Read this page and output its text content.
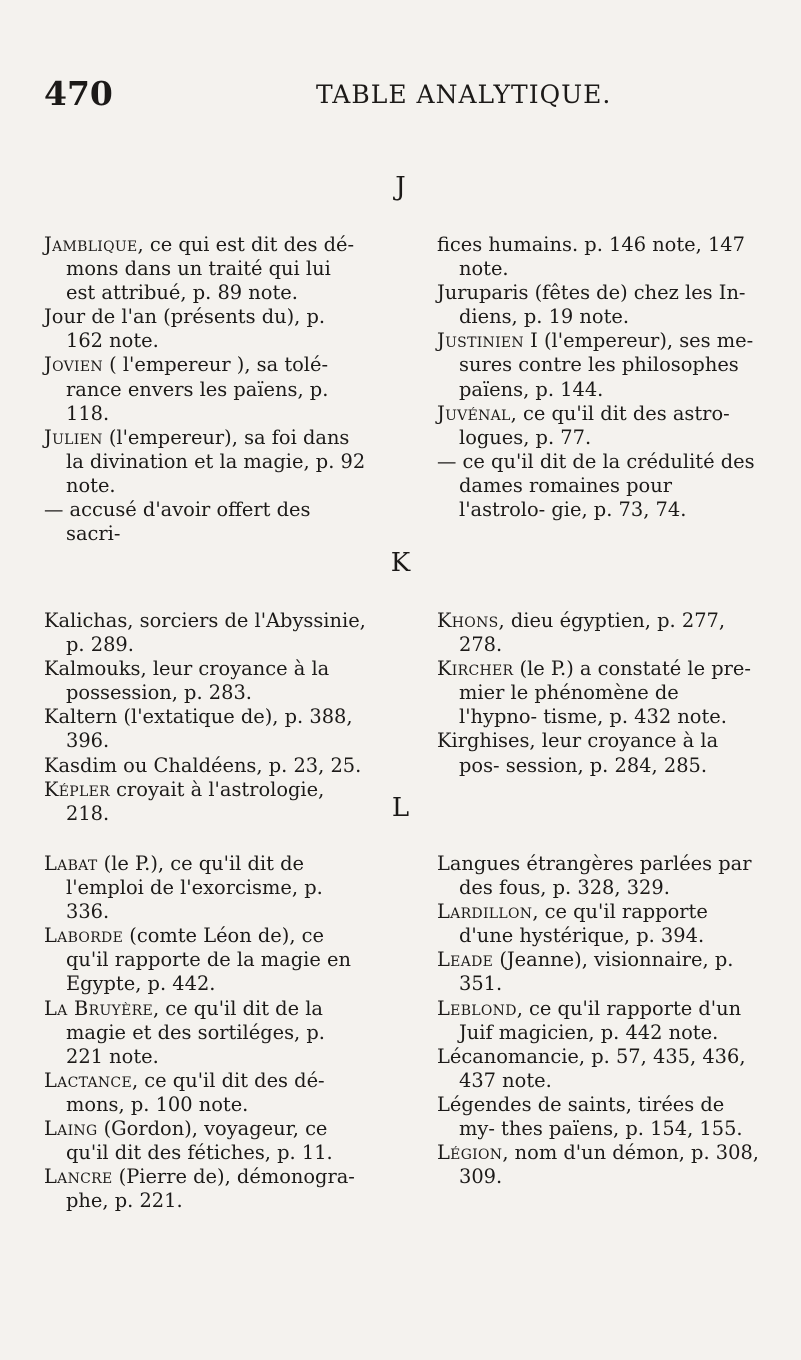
470	TABLE ANALYTIQUE.
J

Jamblique, ce qui est dit des dé- mons dans un traité qui lui est attribué, p. 89 note.

Jour de l'an (présents du), p. 162 note.

Jovien ( l'empereur ), sa tolé- rance envers les païens, p. 118.

Julien (l'empereur), sa foi dans la divination et la magie, p. 92 note.

— accusé d'avoir offert des sacri-

fices humains. p. 146 note, 147 note.

Juruparis (fêtes de) chez les In- diens, p. 19 note.

Justinien I (l'empereur), ses me- sures contre les philosophes païens, p. 144.

Juvénal, ce qu'il dit des astro- logues, p. 77.

— ce qu'il dit de la crédulité des dames romaines pour l'astrolo- gie, p. 73, 74.

K

Kalichas, sorciers de l'Abyssinie, p. 289.

Kalmouks, leur croyance à la possession, p. 283.

Kaltern (l'extatique de), p. 388, 396.

Kasdim ou Chaldéens, p. 23, 25.

Képler croyait à l'astrologie, 218.

Khons, dieu égyptien, p. 277, 278.

Kircher (le P.) a constaté le pre- mier le phénomène de l'hypno- tisme, p. 432 note.

Kirghises, leur croyance à la pos- session, p. 284, 285.

L

Labat (le P.), ce qu'il dit de l'emploi de l'exorcisme, p. 336.

Laborde (comte Léon de), ce qu'il rapporte de la magie en Egypte, p. 442.

La Bruyère, ce qu'il dit de la magie et des sortiléges, p. 221 note.

Lactance, ce qu'il dit des dé- mons, p. 100 note.

Laing (Gordon), voyageur, ce qu'il dit des fétiches, p. 11.

Lancre (Pierre de), démonogra- phe, p. 221.

Langues étrangères parlées par des fous, p. 328, 329.

Lardillon, ce qu'il rapporte d'une hystérique, p. 394.

Leade (Jeanne), visionnaire, p. 351.

Leblond, ce qu'il rapporte d'un Juif magicien, p. 442 note.

Lécanomancie, p. 57, 435, 436, 437 note.

Légendes de saints, tirées de my- thes païens, p. 154, 155.

Légion, nom d'un démon, p. 308, 309.
